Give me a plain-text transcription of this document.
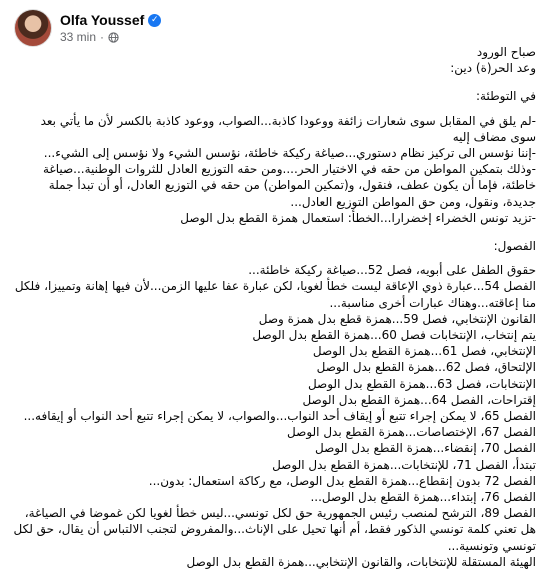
Olfa Youssef ✓
33 min ·

صباح الورود

وعد الحر(ة) دين:

في التوطئة:

-لم يلق في المقابل سوى شعارات زائفة ووعودا كاذبة...الصواب، ووعود كاذبة بالكسر لأن ما يأتي بعد سوى مضاف إليه

-إننا نؤسس الى تركيز نظام دستوري...صياغة ركيكة خاطئة، نؤسس الشيء ولا نؤسس إلى الشيء...

-وذلك بتمكين المواطن من حقه في الاختيار الحر....ومن حقه التوزيع العادل للثروات الوطنية...صياغة خاطئة، فإما أن يكون عطف، فنقول، و(تمكين المواطن) من حقه في التوزيع العادل، أو أن تبدأ جملة جديدة، ونقول، ومن حق المواطن التوزيع العادل...

-تزيد تونس الخضراء إخضرارا...الخطأ: استعمال همزة القطع بدل الوصل

الفصول:

حقوق الطفل على أبويه، فصل 52...صياغة ركيكة خاطئة...

الفصل 54...عبارة ذوي الإعاقة ليست خطأ لغويا، لكن عبارة عفا عليها الزمن...لأن فيها إهانة وتمييزا، فلكل منا إعاقته...وهناك عبارات أخرى مناسبة...

القانون الإنتخابي، فصل 59...همزة قطع بدل همزة وصل

يتم إنتخاب، الإنتخابات فصل 60...همزة القطع بدل الوصل

الإنتخابي، فصل 61...همزة القطع بدل الوصل

الإلتحاق، فصل 62...همزة القطع بدل الوصل

الإنتخابات، فصل 63...همزة القطع بدل الوصل

إقتراحات، الفصل 64...همزة القطع بدل الوصل

الفصل 65، لا يمكن إجراء تتبع أو إيقاف أحد النواب...والصواب، لا يمكن إجراء تتبع أحد النواب أو إيقافه...

الفصل 67، الإختصاصات...همزة القطع بدل الوصل

الفصل 70، إنقضاء...همزة القطع بدل الوصل

تبتدأ، الفصل 71، للإنتخابات...همزة القطع بدل الوصل

الفصل 72 بدون إنقطاع...همزة القطع بدل الوصل، مع ركاكة استعمال: بدون...

الفصل 76، إبتداء...همزة القطع بدل الوصل...

الفصل 89، الترشح لمنصب رئيس الجمهورية حق لكل تونسي...ليس خطأ لغويا لكن غموضا في الصياغة، هل تعني كلمة تونسي الذكور فقط، أم أنها تحيل على الإناث...والمفروض لتجنب الالتباس أن يقال، حق لكل تونسي وتونسية...

الهيئة المستقلة للإنتخابات، والقانون الإنتخابي...همزة القطع بدل الوصل
